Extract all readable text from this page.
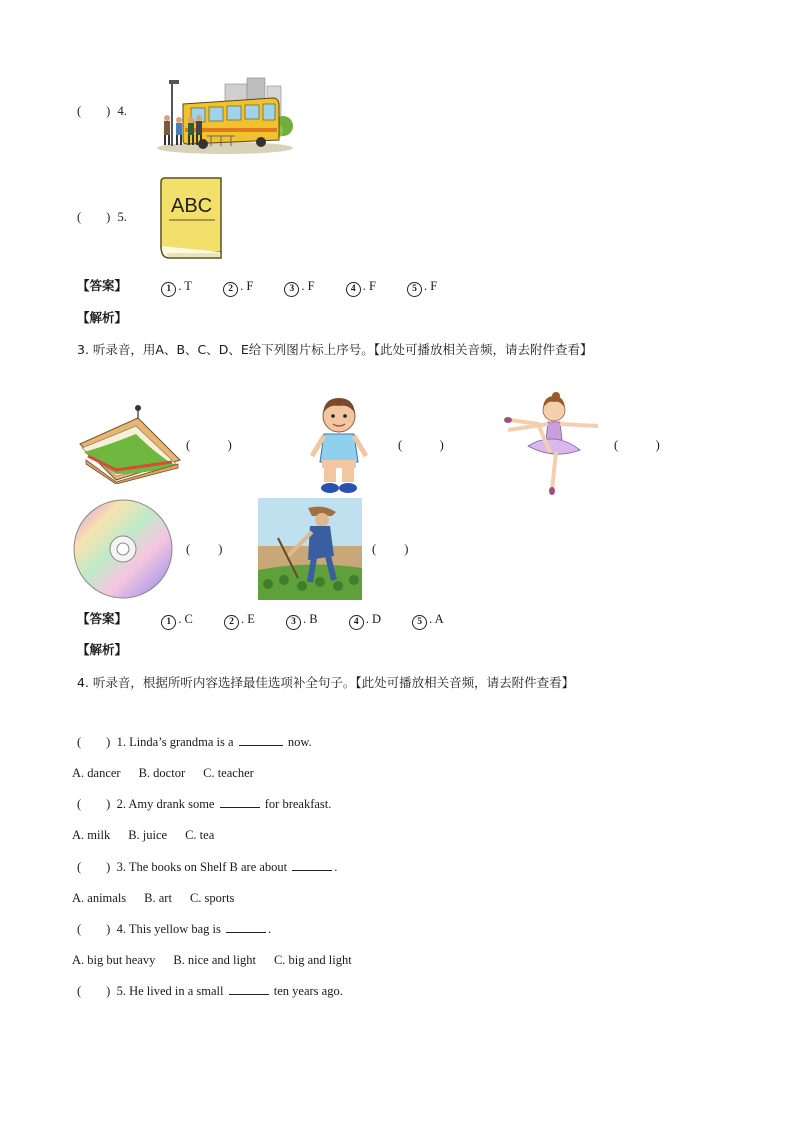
(        ) 4.
(        ) 5. ABC
【答案】	1 . T	2 . F	3 . F	4 . F	5 . F
【解析】
3. 听录音，用A、B、C、D、E给下列图片标上序号。【此处可播放相关音频，请去附件查看】
(            )	(            )	(            )
(         )	(         )
【答案】	1 . C	2 . E	3 . B	4 . D	5 . A
【解析】
4. 听录音，根据所听内容选择最佳选项补全句子。【此处可播放相关音频，请去附件查看】
(        ) 1. Linda’s grandma is a	now.
A. dancer B. doctor C. teacher
(        ) 2. Amy drank some	for breakfast.
A. milk B. juice C. tea
(        ) 3. The books on Shelf B are about	.
A. animals B. art C. sports
(        ) 4. This yellow bag is	.
A. big but heavy B. nice and light C. big and light
(        ) 5. He lived in a small	ten years ago.
